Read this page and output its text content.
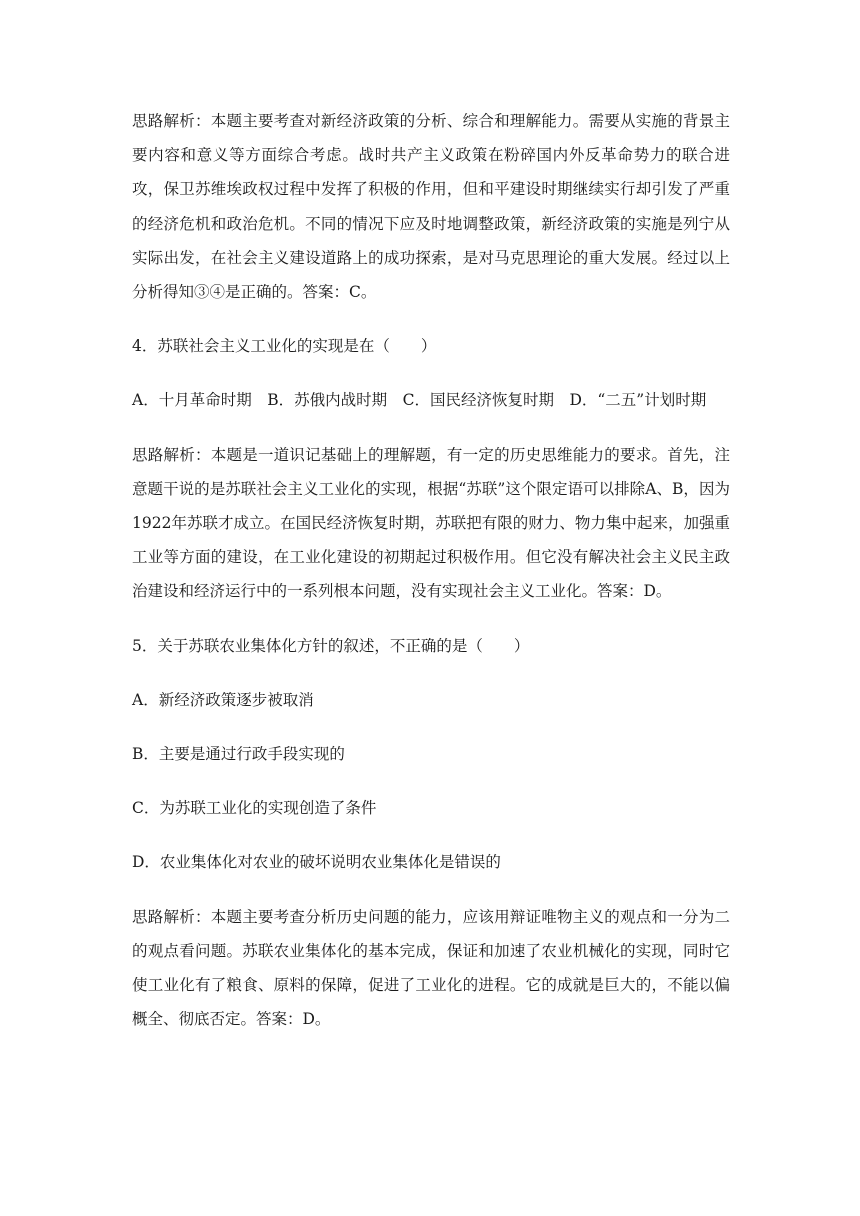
思路解析：本题主要考查对新经济政策的分析、综合和理解能力。需要从实施的背景主要内容和意义等方面综合考虑。战时共产主义政策在粉碎国内外反革命势力的联合进攻，保卫苏维埃政权过程中发挥了积极的作用，但和平建设时期继续实行却引发了严重的经济危机和政治危机。不同的情况下应及时地调整政策，新经济政策的实施是列宁从实际出发，在社会主义建设道路上的成功探索，是对马克思理论的重大发展。经过以上分析得知③④是正确的。答案：C。

4．苏联社会主义工业化的实现是在（　　）

A．十月革命时期　B．苏俄内战时期　C．国民经济恢复时期　D．“二五”计划时期

思路解析：本题是一道识记基础上的理解题，有一定的历史思维能力的要求。首先，注意题干说的是苏联社会主义工业化的实现，根据“苏联”这个限定语可以排除A、B，因为1922年苏联才成立。在国民经济恢复时期，苏联把有限的财力、物力集中起来，加强重工业等方面的建设，在工业化建设的初期起过积极作用。但它没有解决社会主义民主政治建设和经济运行中的一系列根本问题，没有实现社会主义工业化。答案：D。

5．关于苏联农业集体化方针的叙述，不正确的是（　　）

A．新经济政策逐步被取消

B．主要是通过行政手段实现的

C．为苏联工业化的实现创造了条件

D．农业集体化对农业的破坏说明农业集体化是错误的

思路解析：本题主要考查分析历史问题的能力，应该用辩证唯物主义的观点和一分为二的观点看问题。苏联农业集体化的基本完成，保证和加速了农业机械化的实现，同时它使工业化有了粮食、原料的保障，促进了工业化的进程。它的成就是巨大的，不能以偏概全、彻底否定。答案：D。
